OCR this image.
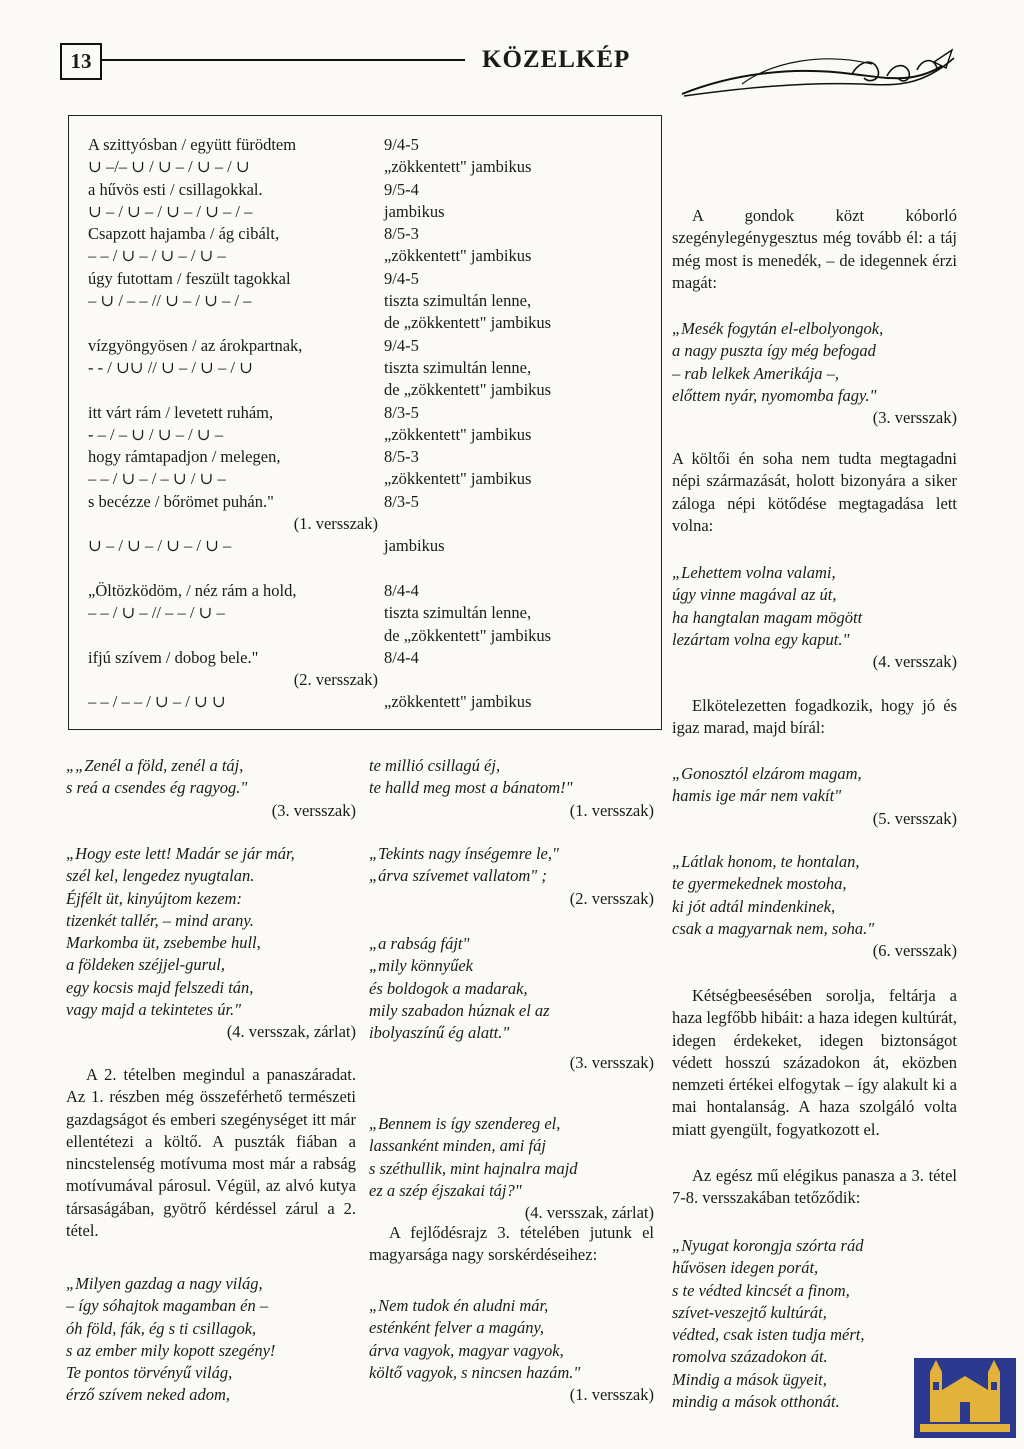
13	KÖZELKÉP
A szittyósban / együtt fürödtem
∪ –/– ∪ / ∪ – / ∪ – / ∪
a hűvös esti / csillagokkal.
∪ – / ∪ – / ∪ – / ∪ – / –
Csapzott hajamba / ág cibált,
– – / ∪ – / ∪ – / ∪ –
úgy futottam / feszült tagokkal
– ∪ / – – // ∪ – / ∪ – / –
vízgyöngyösen / az árokpartnak,
- - / ∪∪ // ∪ – / ∪ – / ∪
itt várt rám / levetett ruhám,
- – / – ∪ / ∪ – / ∪ –
hogy rámtapadjon / melegen,
– – / ∪ – / – ∪ / ∪ –
s becézze / bőrömet puhán."
(1. versszak)
∪ – / ∪ – / ∪ – / ∪ –
„Öltözködöm, / néz rám a hold,
– – / ∪ – // – – / ∪ –
ifjú szívem / dobog bele."
(2. versszak)
– – / – – / ∪ – / ∪ ∪
9/4-5
„zökkentett" jambikus
9/5-4
jambikus
8/5-3
„zökkentett" jambikus
9/4-5
tiszta szimultán lenne,
de „zökkentett" jambikus
9/4-5
tiszta szimultán lenne,
de „zökkentett" jambikus
8/3-5
„zökkentett" jambikus
8/5-3
„zökkentett" jambikus
8/3-5
jambikus
8/4-4
tiszta szimultán lenne,
de „zökkentett" jambikus
8/4-4
„zökkentett" jambikus
„„Zenél a föld, zenél a táj,
s reá a csendes ég ragyog."
(3. versszak)
„Hogy este lett! Madár se jár már,
szél kel, lengedez nyugtalan.
Éjfélt üt, kinyújtom kezem:
tizenkét tallér, – mind arany.
Markomba üt, zsebembe hull,
a földeken széjjel-gurul,
egy kocsis majd felszedi tán,
vagy majd a tekintetes úr."
(4. versszak, zárlat)
A 2. tételben megindul a panaszáradat. Az 1. részben még összeférhető természeti gazdagságot és emberi szegénységet itt már ellentétezi a költő. A puszták fiában a nincstelenség motívuma most már a rabság motívumával párosul. Végül, az alvó kutya társaságában, gyötrő kérdéssel zárul a 2. tétel.
„Milyen gazdag a nagy világ,
– így sóhajtok magamban én –
óh föld, fák, ég s ti csillagok,
s az ember mily kopott szegény!
Te pontos törvényű világ,
érző szívem neked adom,
te millió csillagú éj,
te halld meg most a bánatom!"
(1. versszak)
„Tekints nagy ínségemre le,"
„árva szívemet vallatom" ;
(2. versszak)
„a rabság fájt"
„mily könnyűek
és boldogok a madarak,
mily szabadon húznak el az
ibolyaszínű ég alatt."
(3. versszak)
„Bennem is így szendereg el,
lassanként minden, ami fáj
s széthullik, mint hajnalra majd
ez a szép éjszakai táj?"
(4. versszak, zárlat)
A fejlődésrajz 3. tételében jutunk el magyarsága nagy sorskérdéseihez:
„Nem tudok én aludni már,
esténként felver a magány,
árva vagyok, magyar vagyok,
költő vagyok, s nincsen hazám."
(1. versszak)
A gondok közt kóborló szegénylegénygesztus még tovább él: a táj még most is menedék, – de idegennek érzi magát:
„Mesék fogytán el-elbolyongok,
a nagy puszta így még befogad
– rab lelkek Amerikája –,
előttem nyár, nyomomba fagy."
(3. versszak)
A költői én soha nem tudta megtagadni népi származását, holott bizonyára a siker záloga népi kötődése megtagadása lett volna:
„Lehettem volna valami,
úgy vinne magával az út,
ha hangtalan magam mögött
lezártam volna egy kaput."
(4. versszak)
Elkötelezetten fogadkozik, hogy jó és igaz marad, majd bírál:
„Gonosztól elzárom magam,
hamis ige már nem vakít"
(5. versszak)
„Látlak honom, te hontalan,
te gyermekednek mostoha,
ki jót adtál mindenkinek,
csak a magyarnak nem, soha."
(6. versszak)
Kétségbeesésében sorolja, feltárja a haza legfőbb hibáit: a haza idegen kultúrát, idegen érdekeket, idegen biztonságot védett hosszú századokon át, eközben nemzeti értékei elfogytak – így alakult ki a mai hontalanság. A haza szolgáló volta miatt gyengült, fogyatkozott el.
Az egész mű elégikus panasza a 3. tétel 7-8. versszakában tetőződik:
„Nyugat korongja szórta rád
hűvösen idegen porát,
s te védted kincsét a finom,
szívet-veszejtő kultúrát,
védted, csak isten tudja mért,
romolva századokon át.
Mindig a mások ügyeit,
mindig a mások otthonát.
